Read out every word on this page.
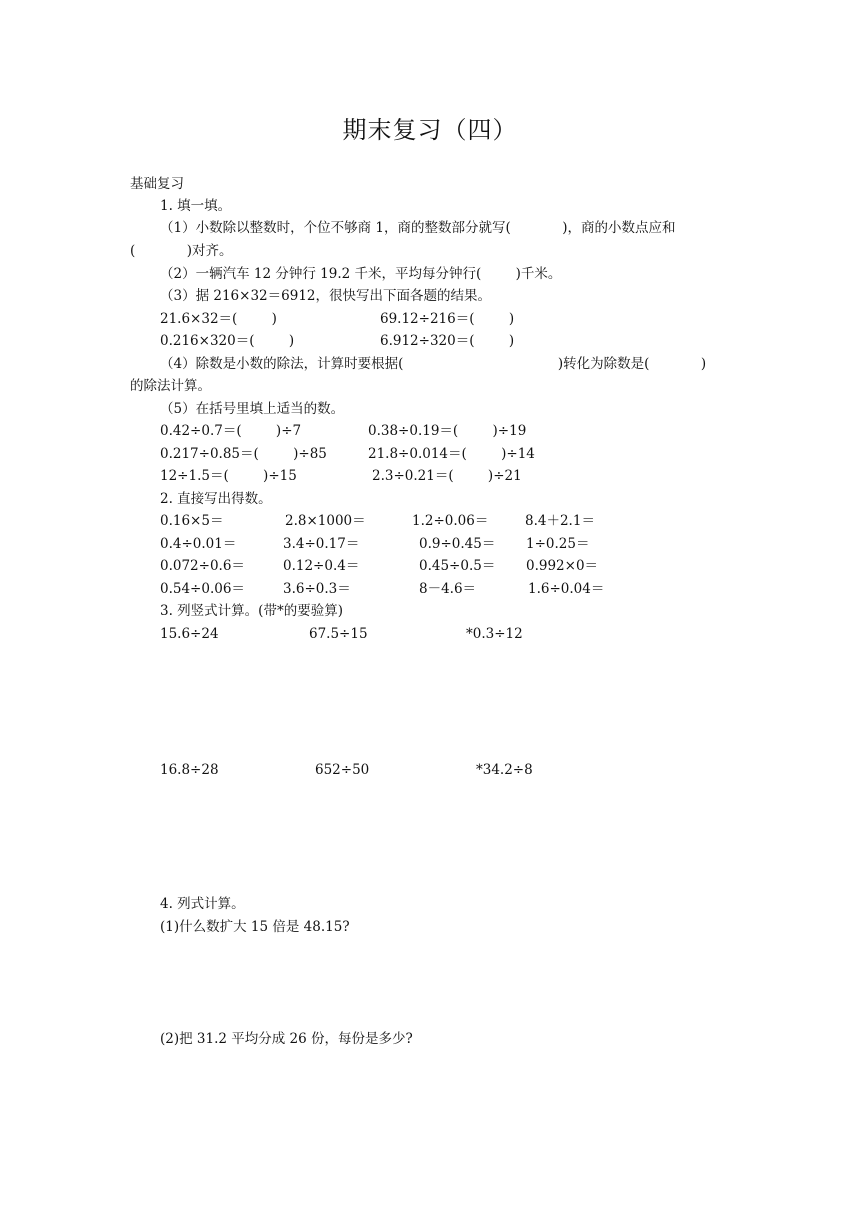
期末复习（四）
基础复习
1. 填一填。
（1）小数除以整数时，个位不够商 1，商的整数部分就写(            )，商的小数点应和
(            )对齐。
（2）一辆汽车 12 分钟行 19.2 千米，平均每分钟行(        )千米。
（3）据 216×32＝6912，很快写出下面各题的结果。
21.6×32＝(        )	69.12÷216＝(        )
0.216×320＝(        )	6.912÷320＝(        )
（4）除数是小数的除法，计算时要根据(                                    )转化为除数是(            )
的除法计算。
（5）在括号里填上适当的数。
0.42÷0.7＝(        )÷7	0.38÷0.19＝(        )÷19
0.217÷0.85＝(        )÷85	21.8÷0.014＝(        )÷14
12÷1.5＝(        )÷15	2.3÷0.21＝(        )÷21
2. 直接写出得数。
0.16×5＝	2.8×1000＝	1.2÷0.06＝	8.4＋2.1＝
0.4÷0.01＝	3.4÷0.17＝	0.9÷0.45＝ 1÷0.25＝
0.072÷0.6＝	0.12÷0.4＝	0.45÷0.5＝ 0.992×0＝
0.54÷0.06＝	3.6÷0.3＝	8－4.6＝	1.6÷0.04＝
3. 列竖式计算。(带*的要验算)
15.6÷24	67.5÷15	*0.3÷12
16.8÷28	652÷50	*34.2÷8
4. 列式计算。
(1)什么数扩大 15 倍是 48.15?
(2)把 31.2 平均分成 26 份，每份是多少?
